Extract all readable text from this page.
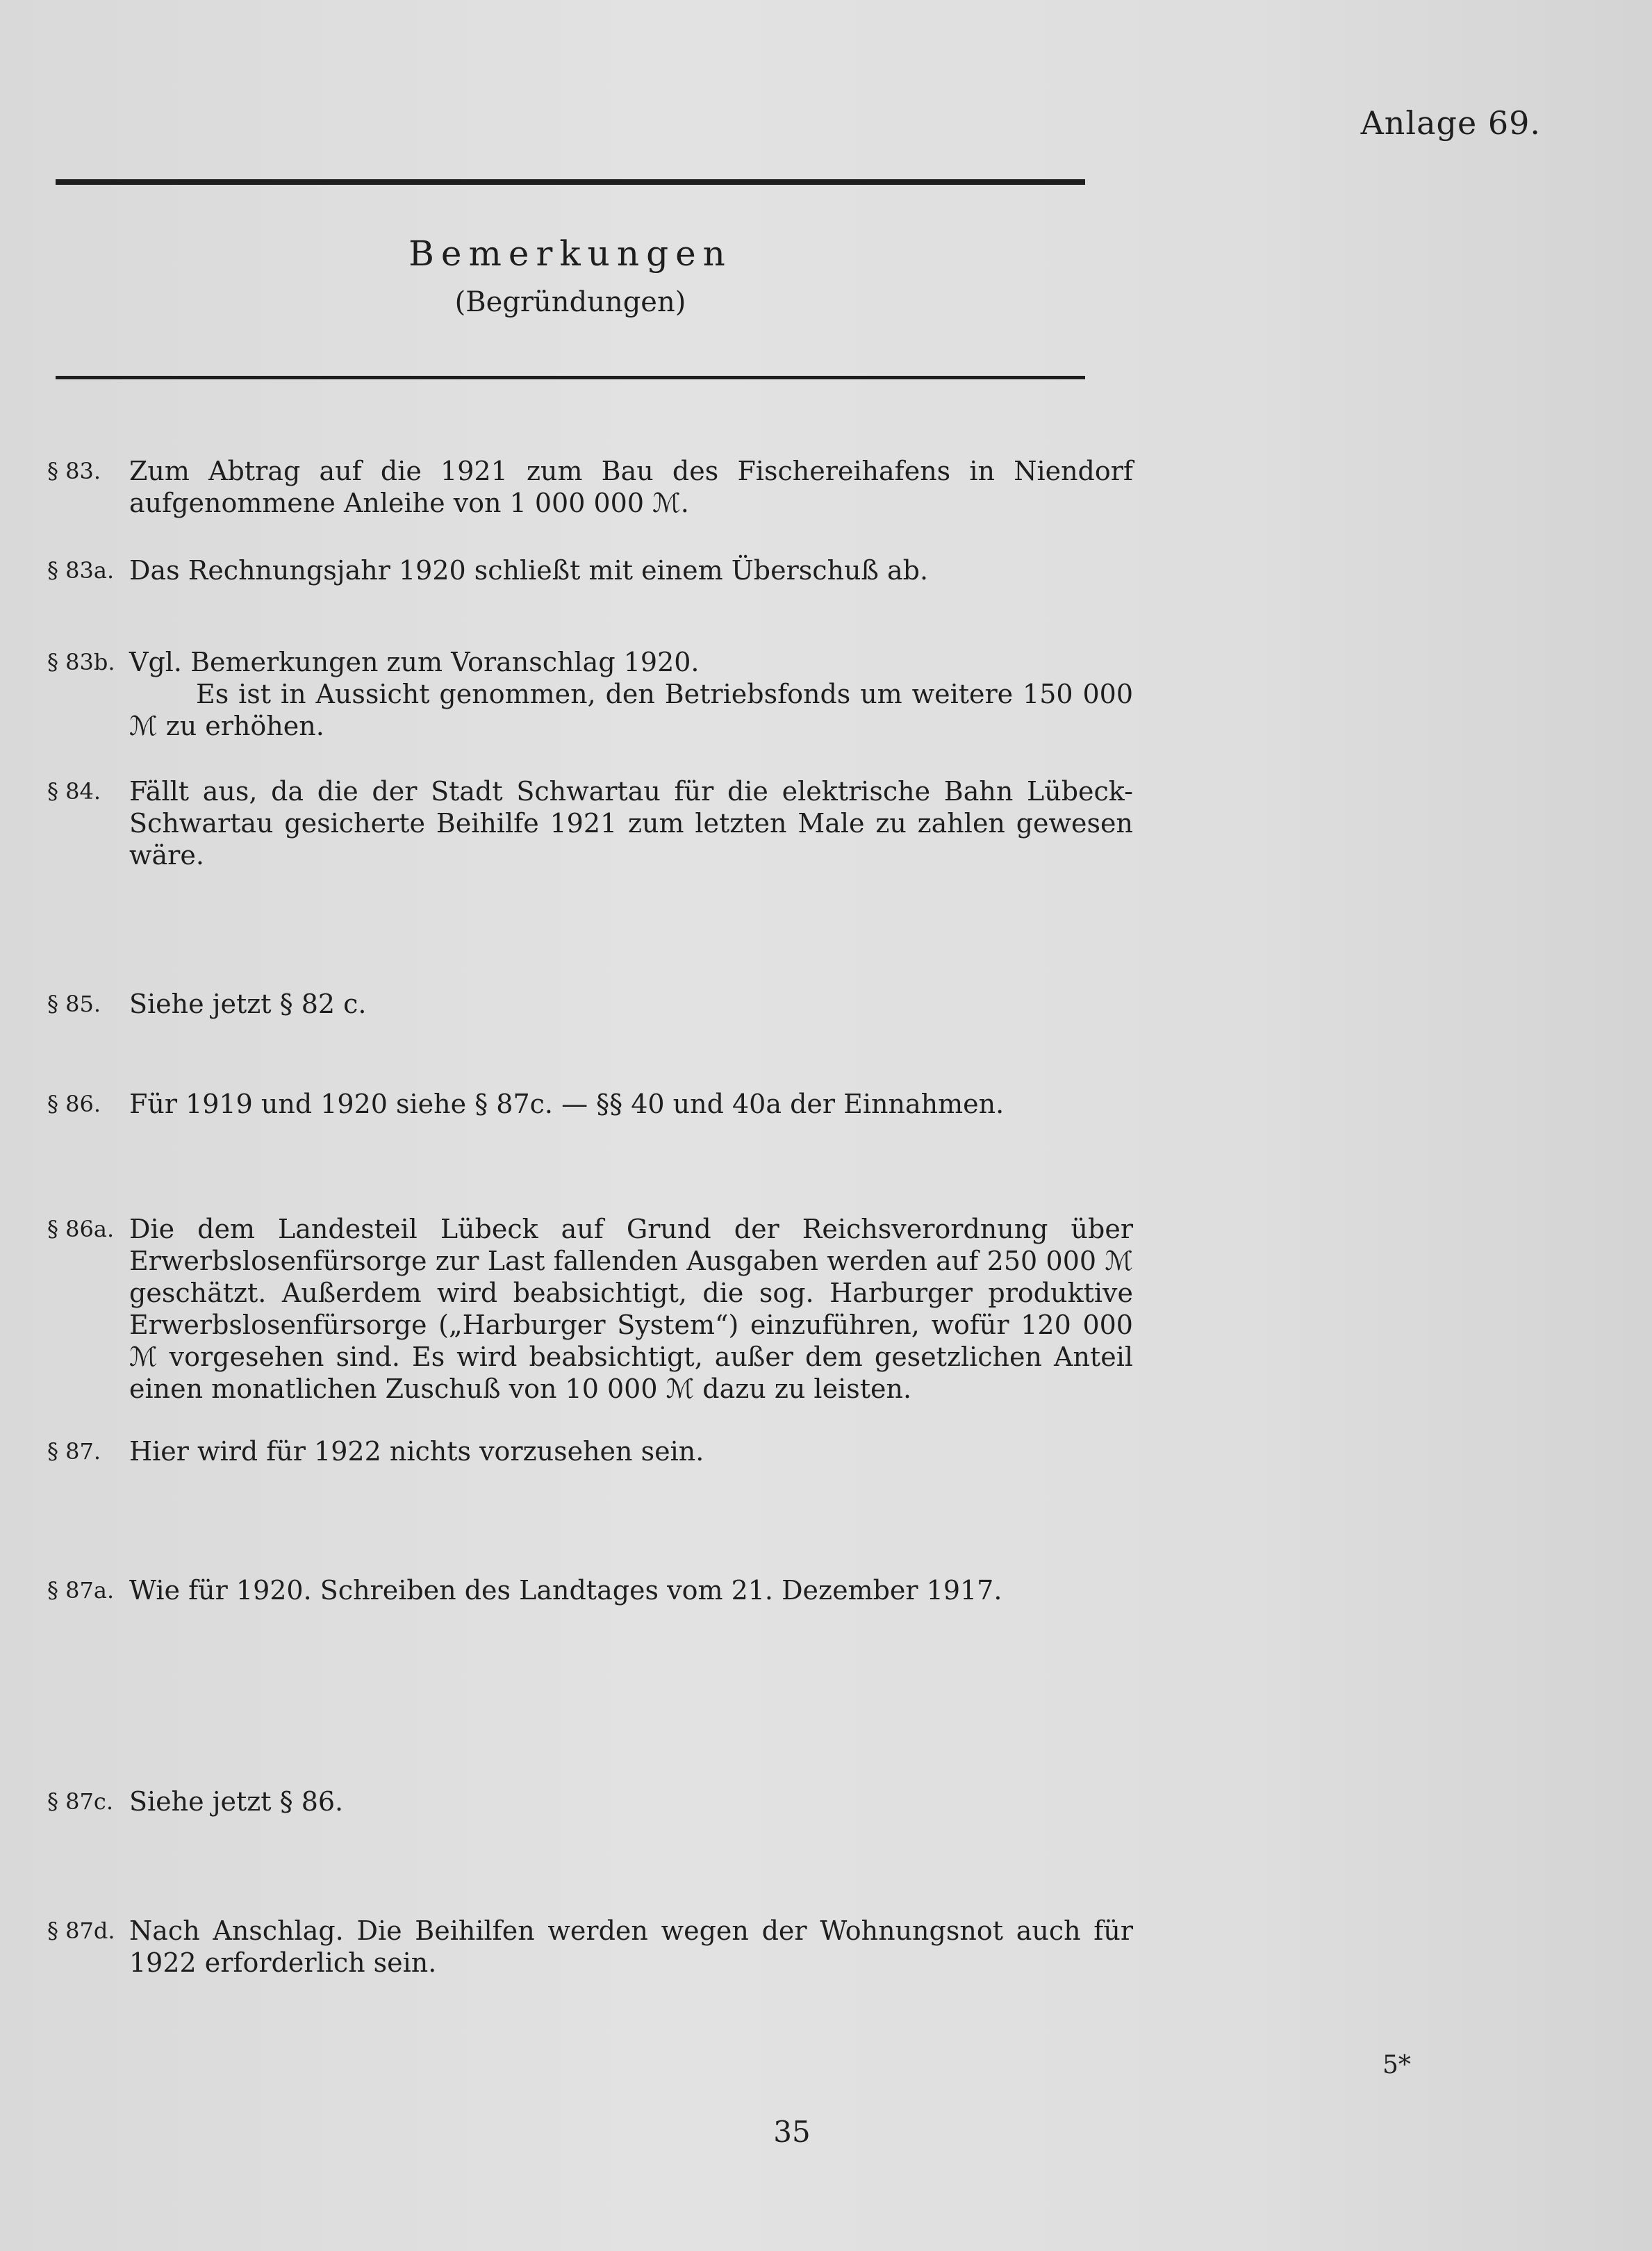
Anlage 69.
Bemerkungen
(Begründungen)
§ 83.	Zum Abtrag auf die 1921 zum Bau des Fischereihafens in Niendorf aufgenommene Anleihe von 1 000 000 ℳ.

§ 83a. Das Rechnungsjahr 1920 schließt mit einem Überschuß ab.

§ 83b. Vgl. Bemerkungen zum Voranschlag 1920.

Es ist in Aussicht genommen, den Betriebsfonds um weitere 150 000 ℳ zu erhöhen.

§ 84.	Fällt aus, da die der Stadt Schwartau für die elektrische Bahn Lübeck-Schwartau gesicherte Beihilfe 1921 zum letzten Male zu zahlen gewesen wäre.

§ 85.	Siehe jetzt § 82 c.

§ 86.	Für 1919 und 1920 siehe § 87c. — §§ 40 und 40a der Einnahmen.

§ 86a. Die dem Landesteil Lübeck auf Grund der Reichsverordnung über Erwerbslosenfürsorge zur Last fallenden Ausgaben werden auf 250 000 ℳ geschätzt. Außerdem wird beabsichtigt, die sog. Harburger produktive Erwerbslosenfürsorge („Harburger System“) einzuführen, wofür 120 000 ℳ vorgesehen sind. Es wird beabsichtigt, außer dem gesetzlichen Anteil einen monatlichen Zuschuß von 10 000 ℳ dazu zu leisten.

§ 87.	Hier wird für 1922 nichts vorzusehen sein.

§ 87a. Wie für 1920. Schreiben des Landtages vom 21. Dezember 1917.

§ 87c. Siehe jetzt § 86.

§ 87d. Nach Anschlag. Die Beihilfen werden wegen der Wohnungsnot auch für 1922 erforderlich sein.

5*
35
